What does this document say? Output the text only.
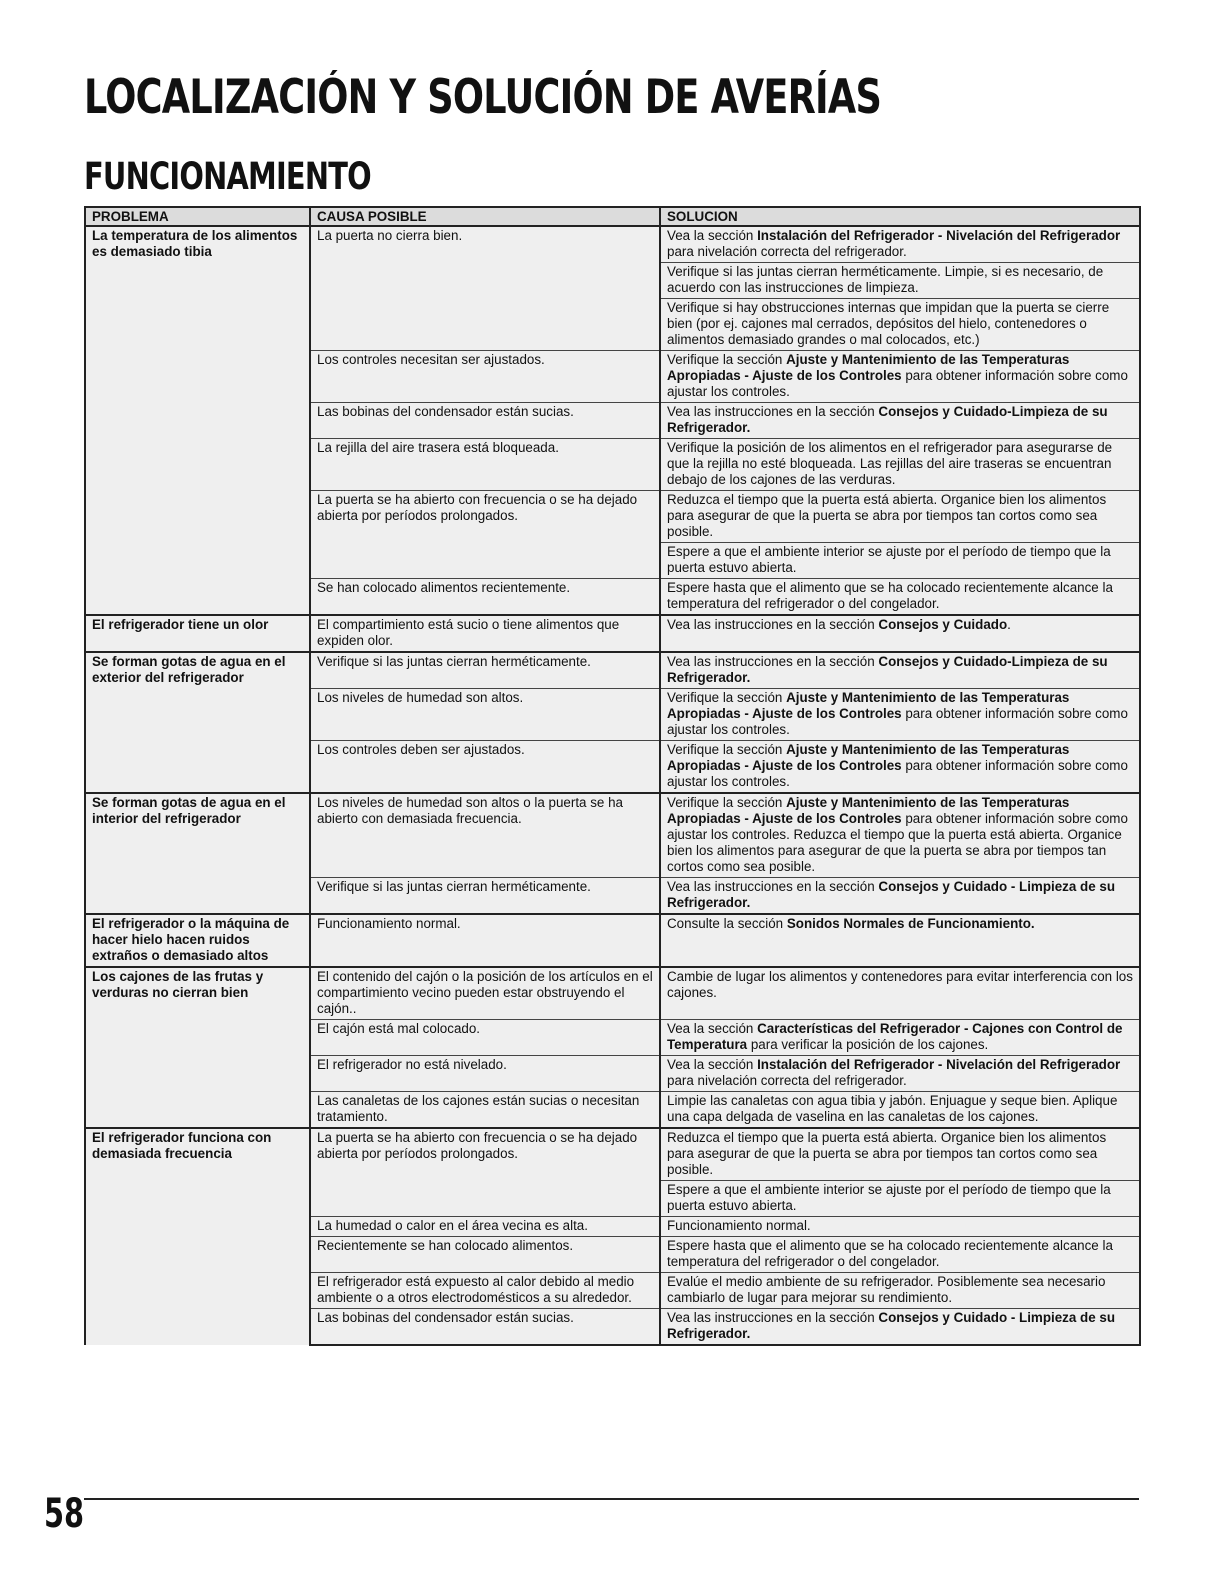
LOCALIZACIÓN Y SOLUCIÓN DE AVERÍAS
FUNCIONAMIENTO
PROBLEMA	CAUSA POSIBLE	SOLUCION
La temperatura de los alimentos es demasiado tibia	La puerta no cierra bien.	Vea la sección Instalación del Refrigerador - Nivelación del Refrigerador para nivelación correcta del refrigerador.
		Verifique si las juntas cierran herméticamente. Limpie, si es necesario, de acuerdo con las instrucciones de limpieza.
		Verifique si hay obstrucciones internas que impidan que la puerta se cierre bien (por ej. cajones mal cerrados, depósitos del hielo, contenedores o alimentos demasiado grandes o mal colocados, etc.)
	Los controles necesitan ser ajustados.	Verifique la sección Ajuste y Mantenimiento de las Temperaturas Apropiadas - Ajuste de los Controles para obtener información sobre como ajustar los controles.
	Las bobinas del condensador están sucias.	Vea las instrucciones en la sección Consejos y Cuidado-Limpieza de su Refrigerador.
	La rejilla del aire trasera está bloqueada.	Verifique la posición de los alimentos en el refrigerador para asegurarse de que la rejilla no esté bloqueada. Las rejillas del aire traseras se encuentran debajo de los cajones de las verduras.
	La puerta se ha abierto con frecuencia o se ha dejado abierta por períodos prolongados.	Reduzca el tiempo que la puerta está abierta. Organice bien los alimentos para asegurar de que la puerta se abra por tiempos tan cortos como sea posible.
		Espere a que el ambiente interior se ajuste por el período de tiempo que la puerta estuvo abierta.
	Se han colocado alimentos recientemente.	Espere hasta que el alimento que se ha colocado recientemente alcance la temperatura del refrigerador o del congelador.
El refrigerador tiene un olor	El compartimiento está sucio o tiene alimentos que expiden olor.	Vea las instrucciones en la sección Consejos y Cuidado.
Se forman gotas de agua en el exterior del refrigerador	Verifique si las juntas cierran herméticamente.	Vea las instrucciones en la sección Consejos y Cuidado-Limpieza de su Refrigerador.
	Los niveles de humedad son altos.	Verifique la sección Ajuste y Mantenimiento de las Temperaturas Apropiadas - Ajuste de los Controles para obtener información sobre como ajustar los controles.
	Los controles deben ser ajustados.	Verifique la sección Ajuste y Mantenimiento de las Temperaturas Apropiadas - Ajuste de los Controles para obtener información sobre como ajustar los controles.
Se forman gotas de agua en el interior del refrigerador	Los niveles de humedad son altos o la puerta se ha abierto con demasiada frecuencia.	Verifique la sección Ajuste y Mantenimiento de las Temperaturas Apropiadas - Ajuste de los Controles para obtener información sobre como ajustar los controles. Reduzca el tiempo que la puerta está abierta. Organice bien los alimentos para asegurar de que la puerta se abra por tiempos tan cortos como sea posible.
	Verifique si las juntas cierran herméticamente.	Vea las instrucciones en la sección Consejos y Cuidado - Limpieza de su Refrigerador.
El refrigerador o la máquina de hacer hielo hacen ruidos extraños o demasiado altos	Funcionamiento normal.	Consulte la sección Sonidos Normales de Funcionamiento.
Los cajones de las frutas y verduras no cierran bien	El contenido del cajón o la posición de los artículos en el compartimiento vecino pueden estar obstruyendo el cajón..	Cambie de lugar los alimentos y contenedores para evitar interferencia con los cajones.
	El cajón está mal colocado.	Vea la sección Características del Refrigerador - Cajones con Control de Temperatura para verificar la posición de los cajones.
	El refrigerador no está nivelado.	Vea la sección Instalación del Refrigerador - Nivelación del Refrigerador para nivelación correcta del refrigerador.
	Las canaletas de los cajones están sucias o necesitan tratamiento.	Limpie las canaletas con agua tibia y jabón. Enjuague y seque bien. Aplique una capa delgada de vaselina en las canaletas de los cajones.
El refrigerador funciona con demasiada frecuencia	La puerta se ha abierto con frecuencia o se ha dejado abierta por períodos prolongados.	Reduzca el tiempo que la puerta está abierta. Organice bien los alimentos para asegurar de que la puerta se abra por tiempos tan cortos como sea posible.
		Espere a que el ambiente interior se ajuste por el período de tiempo que la puerta estuvo abierta.
	La humedad o calor en el área vecina es alta.	Funcionamiento normal.
	Recientemente se han colocado alimentos.	Espere hasta que el alimento que se ha colocado recientemente alcance la temperatura del refrigerador o del congelador.
	El refrigerador está expuesto al calor debido al medio ambiente o a otros electrodomésticos a su alrededor.	Evalúe el medio ambiente de su refrigerador. Posiblemente sea necesario cambiarlo de lugar para mejorar su rendimiento.
	Las bobinas del condensador están sucias.	Vea las instrucciones en la sección Consejos y Cuidado - Limpieza de su Refrigerador.
58
